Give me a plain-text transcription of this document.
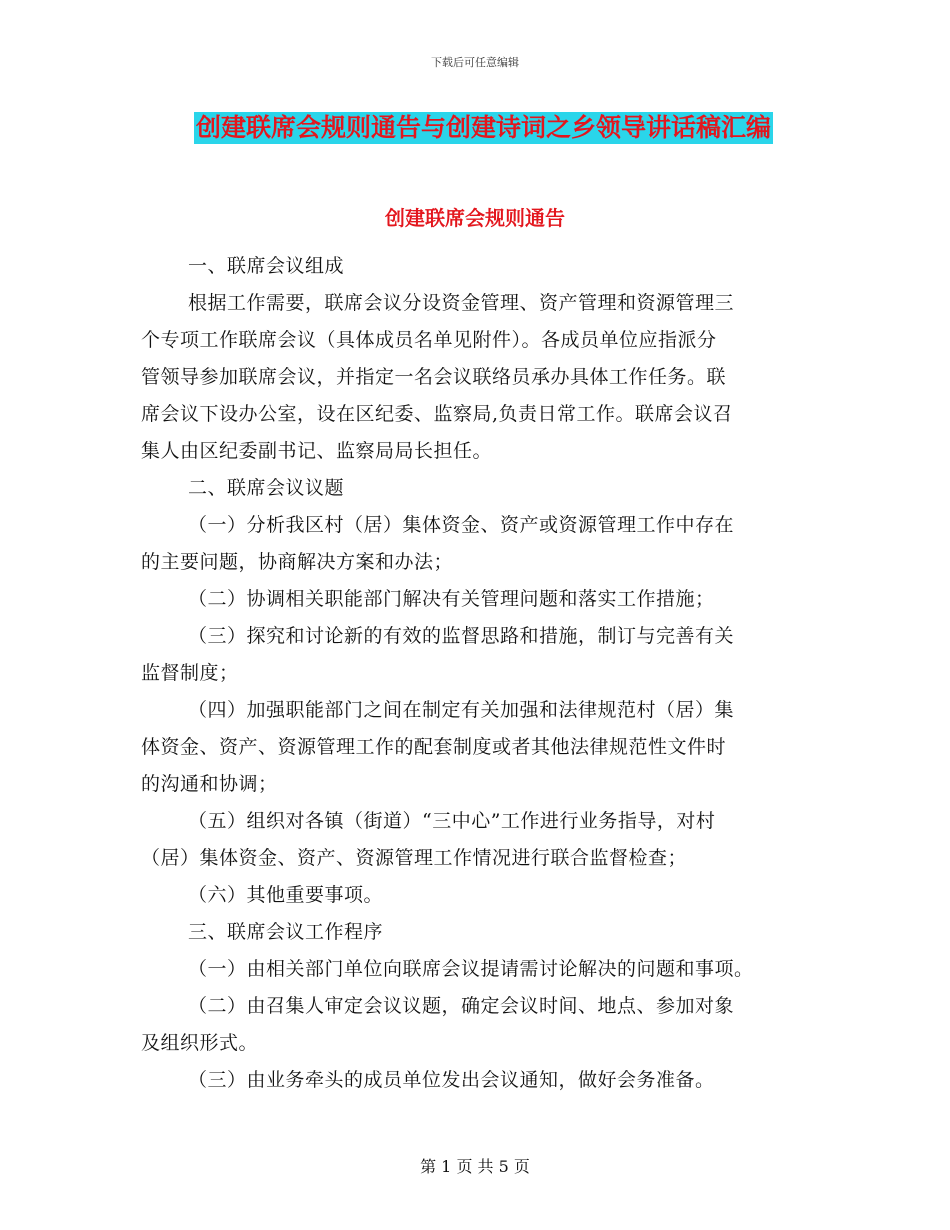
下载后可任意编辑
创建联席会规则通告与创建诗词之乡领导讲话稿汇编
创建联席会规则通告
一、联席会议组成
根据工作需要，联席会议分设资金管理、资产管理和资源管理三
个专项工作联席会议（具体成员名单见附件）。各成员单位应指派分
管领导参加联席会议，并指定一名会议联络员承办具体工作任务。联
席会议下设办公室，设在区纪委、监察局,负责日常工作。联席会议召
集人由区纪委副书记、监察局局长担任。
二、联席会议议题
（一）分析我区村（居）集体资金、资产或资源管理工作中存在
的主要问题，协商解决方案和办法；
（二）协调相关职能部门解决有关管理问题和落实工作措施；
（三）探究和讨论新的有效的监督思路和措施，制订与完善有关
监督制度；
（四）加强职能部门之间在制定有关加强和法律规范村（居）集
体资金、资产、资源管理工作的配套制度或者其他法律规范性文件时
的沟通和协调；
（五）组织对各镇（街道）“三中心”工作进行业务指导，对村
（居）集体资金、资产、资源管理工作情况进行联合监督检查；
（六）其他重要事项。
三、联席会议工作程序
（一）由相关部门单位向联席会议提请需讨论解决的问题和事项。
（二）由召集人审定会议议题，确定会议时间、地点、参加对象
及组织形式。
（三）由业务牵头的成员单位发出会议通知，做好会务准备。
第 1 页 共 5 页
